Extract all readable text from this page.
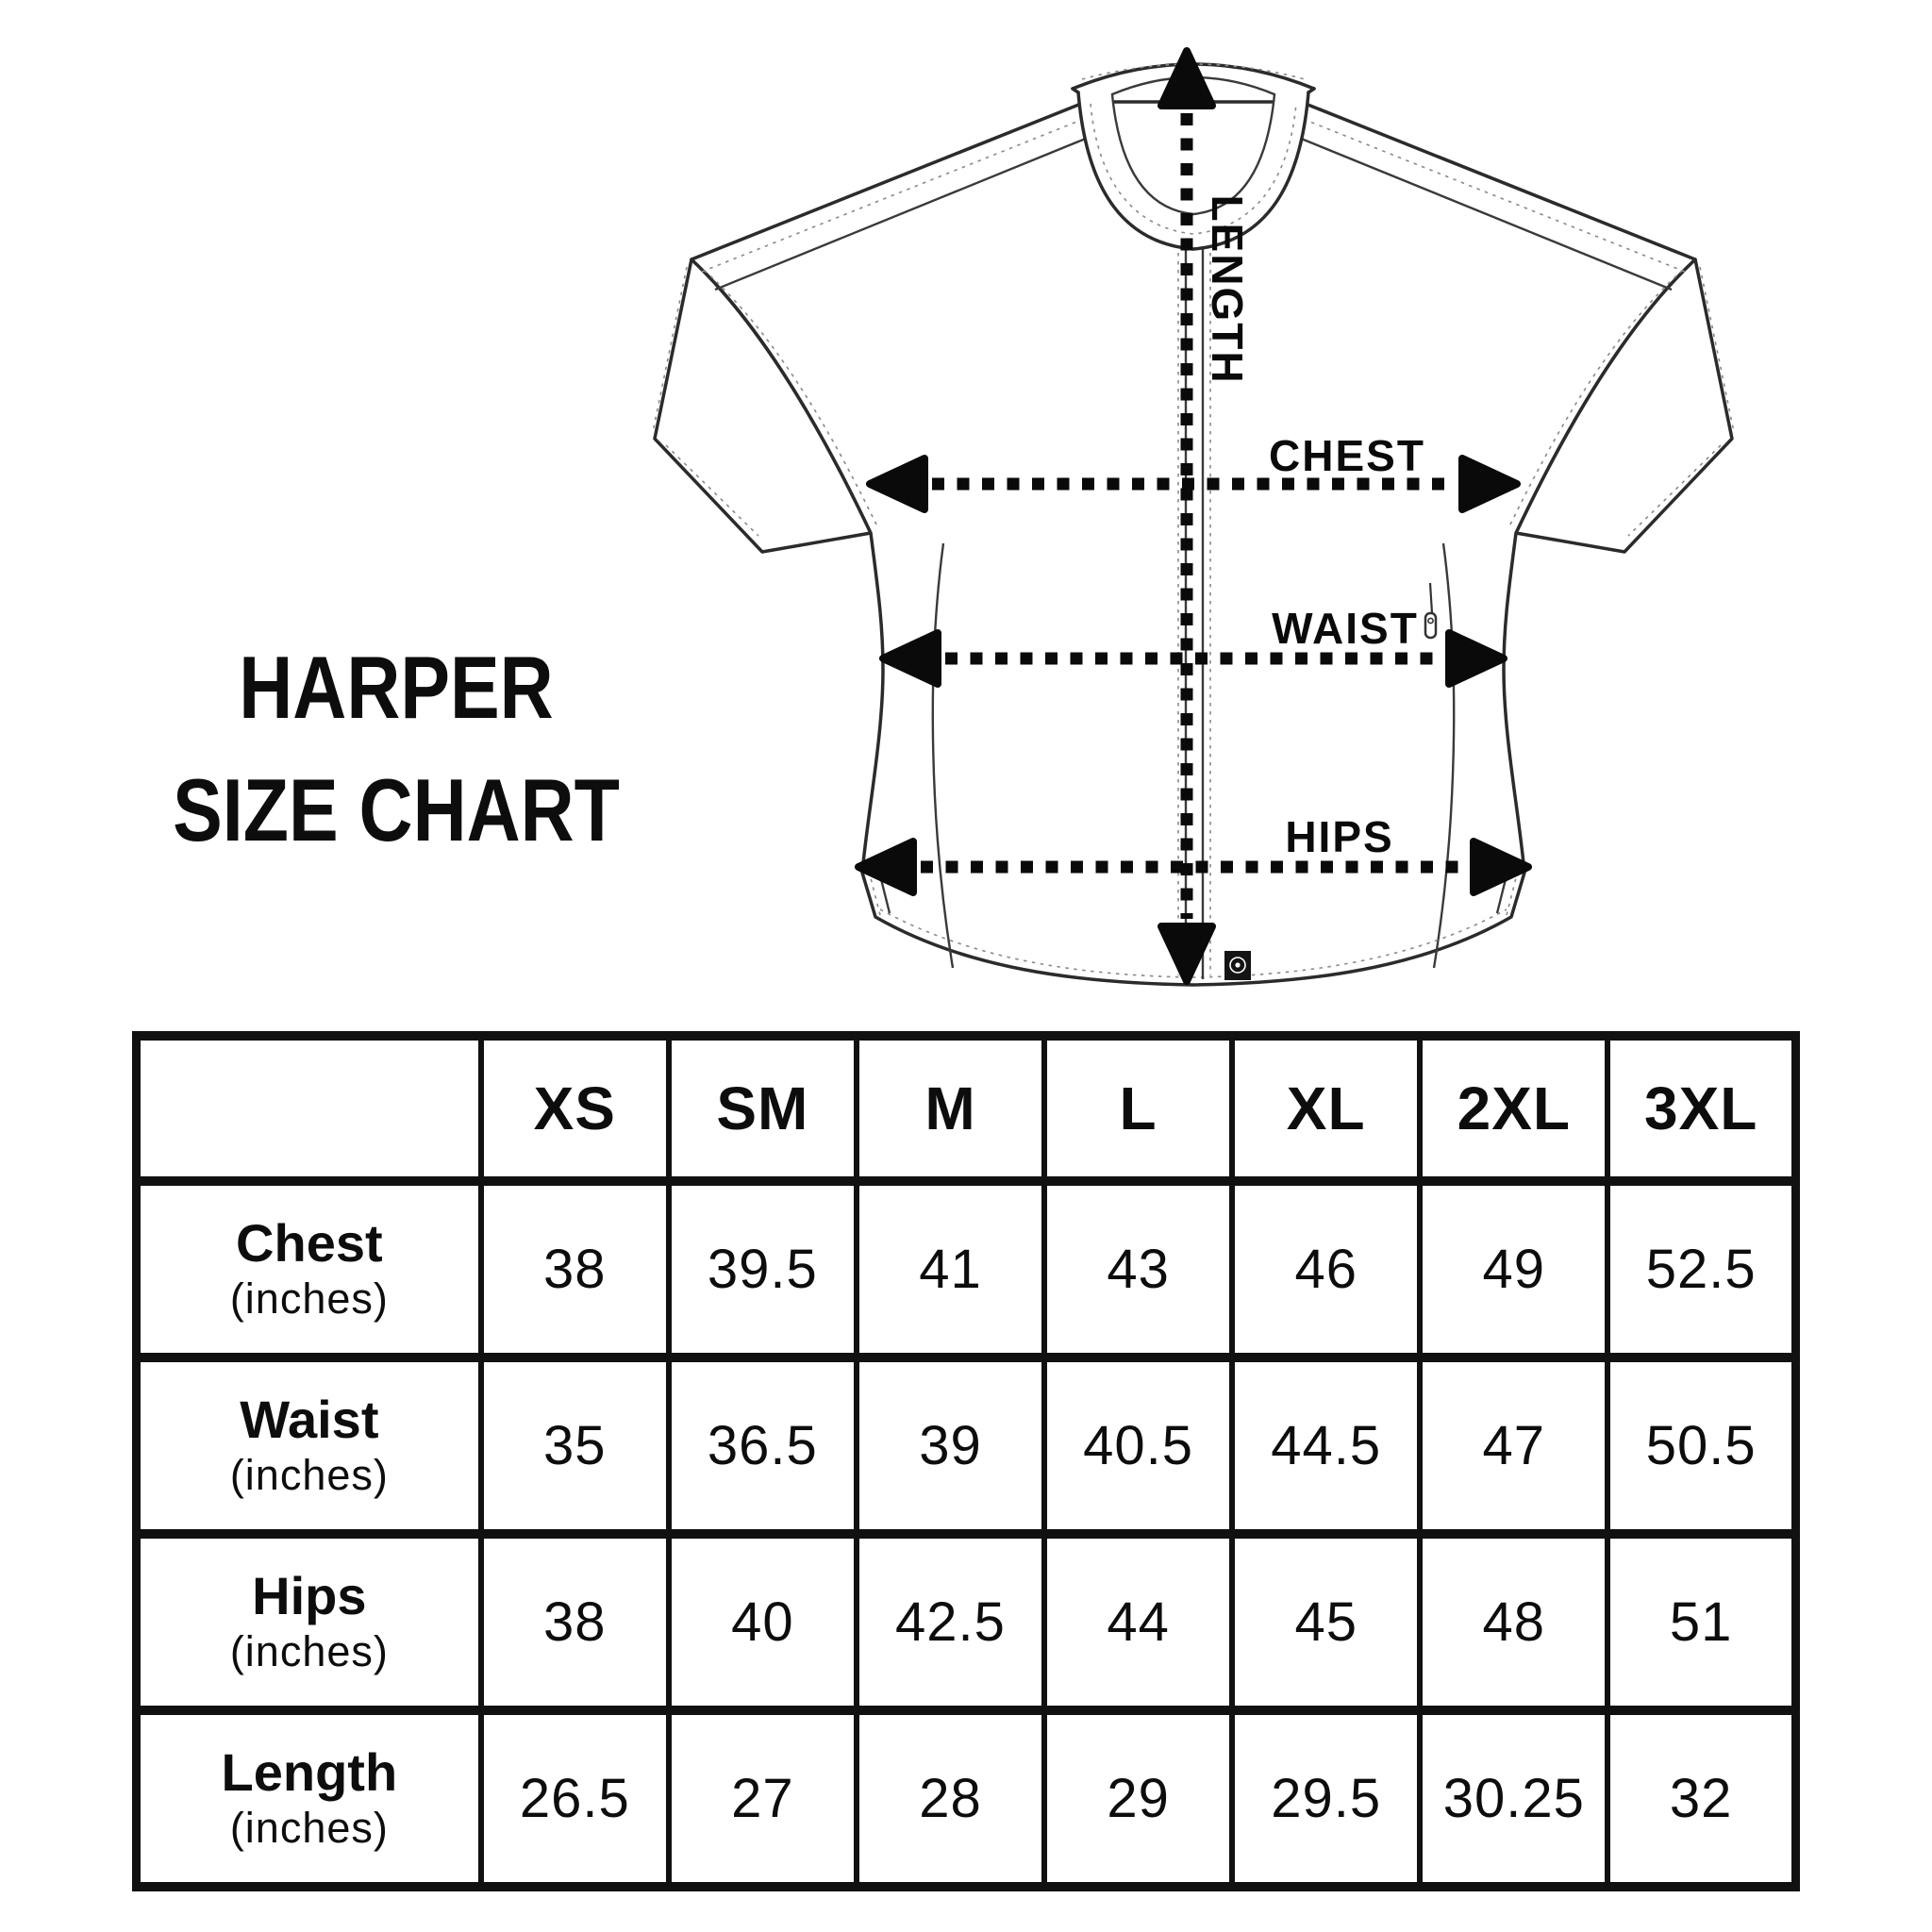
HARPER
SIZE CHART
LENGTH
CHEST
WAIST
HIPS
	XS	SM	M	L	XL	2XL	3XL

Chest
(inches)	38	39.5	41	43	46	49	52.5

Waist
(inches)	35	36.5	39	40.5	44.5	47	50.5

Hips
(inches)	38	40	42.5	44	45	48	51

Length
(inches)	26.5	27	28	29	29.5	30.25	32
